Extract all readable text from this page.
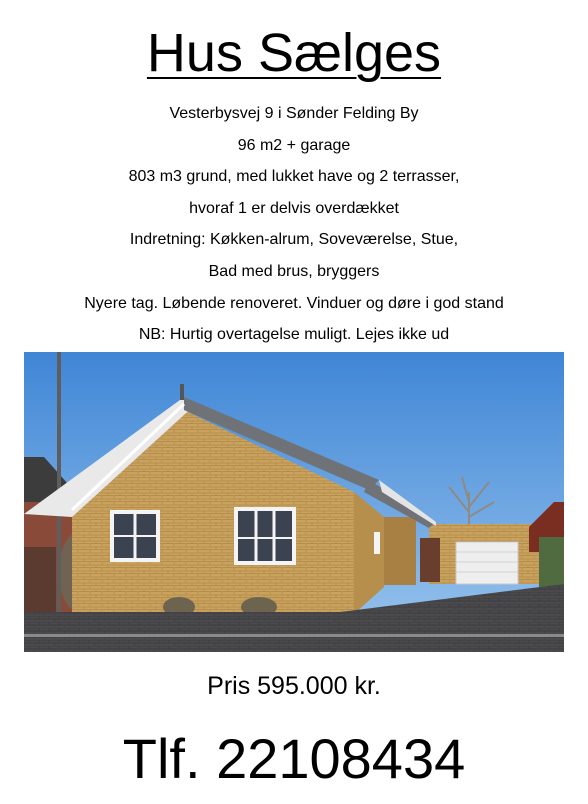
Hus Sælges
Vesterbysvej 9 i Sønder Felding By
96 m2 + garage
803 m3 grund, med lukket have og 2 terrasser,
hvoraf 1 er delvis overdækket
Indretning: Køkken-alrum, Soveværelse, Stue,
Bad med brus, bryggers
Nyere tag. Løbende renoveret. Vinduer og døre i god stand
NB: Hurtig overtagelse muligt. Lejes ikke ud
Pris 595.000 kr.
Tlf. 22108434
